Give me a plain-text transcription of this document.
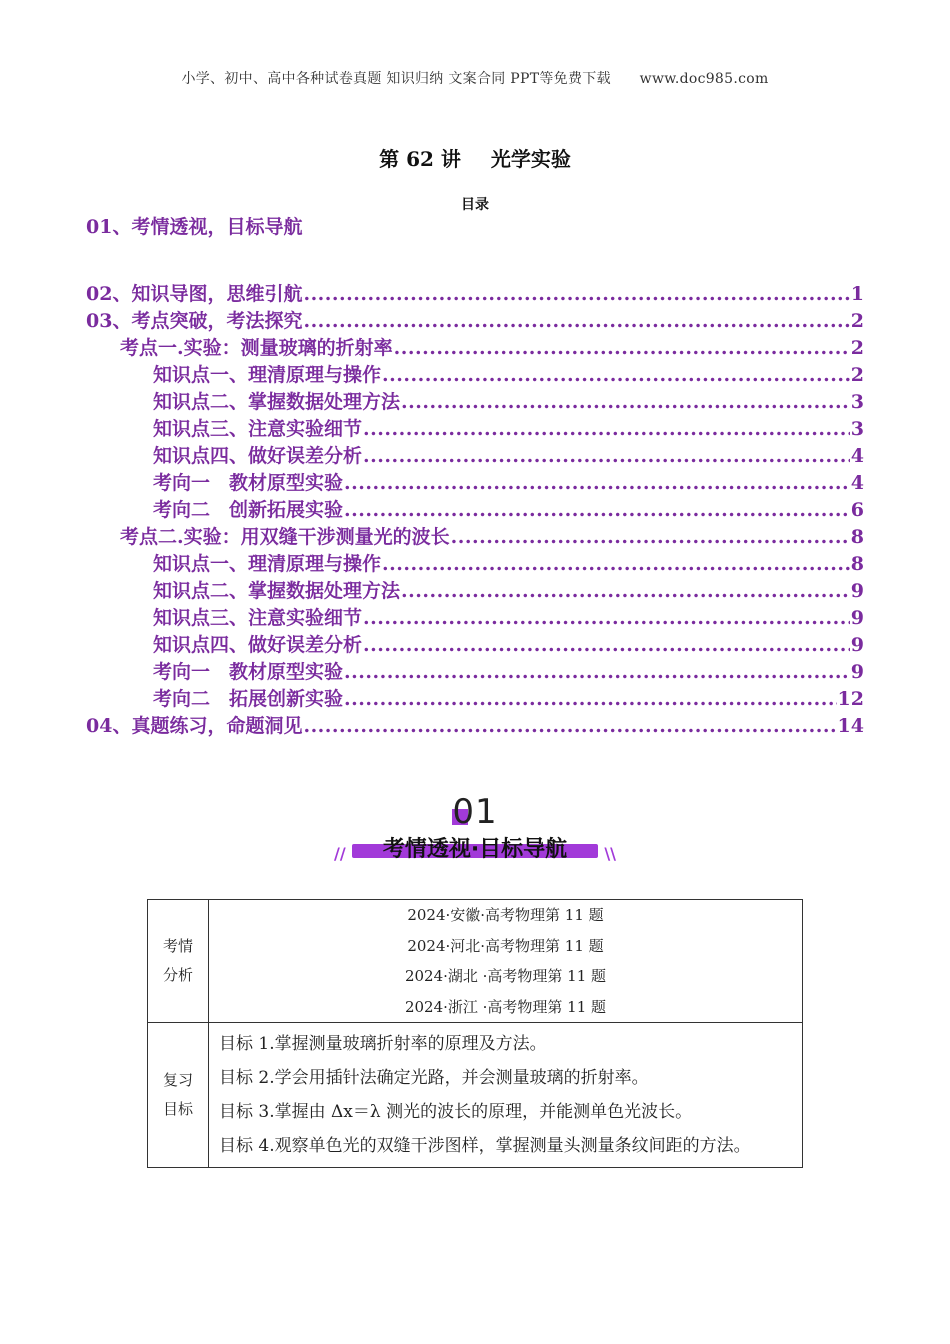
小学、初中、高中各种试卷真题 知识归纳 文案合同 PPT等免费下载 www.doc985.com
第 62 讲 光学实验
目录
01、考情透视，目标导航
02、知识导图，思维引航 .....	1
03、考点突破，考法探究 .....	2
考点一.实验：测量玻璃的折射率 .....	2
知识点一、理清原理与操作 .....	2
知识点二、掌握数据处理方法 .....	3
知识点三、注意实验细节 .....	3
知识点四、做好误差分析 .....	4
考向一　教材原型实验 .....	4
考向二　创新拓展实验 .....	6
考点二.实验：用双缝干涉测量光的波长 .....	8
知识点一、理清原理与操作 .....	8
知识点二、掌握数据处理方法 .....	9
知识点三、注意实验细节 .....	9
知识点四、做好误差分析 .....	9
考向一　教材原型实验 .....	9
考向二　拓展创新实验 .....	12
04、真题练习，命题洞见 .....	14
01
//	\\
考情透视·目标导航
考情分析	2024·安徽·高考物理第 11 题
2024·河北·高考物理第 11 题
2024·湖北 ·高考物理第 11 题
2024·浙江 ·高考物理第 11 题

复习目标	目标 1.掌握测量玻璃折射率的原理及方法。
目标 2.学会用插针法确定光路，并会测量玻璃的折射率。
目标 3.掌握由 Δx＝λ 测光的波长的原理，并能测单色光波长。
目标 4.观察单色光的双缝干涉图样，掌握测量头测量条纹间距的方法。
